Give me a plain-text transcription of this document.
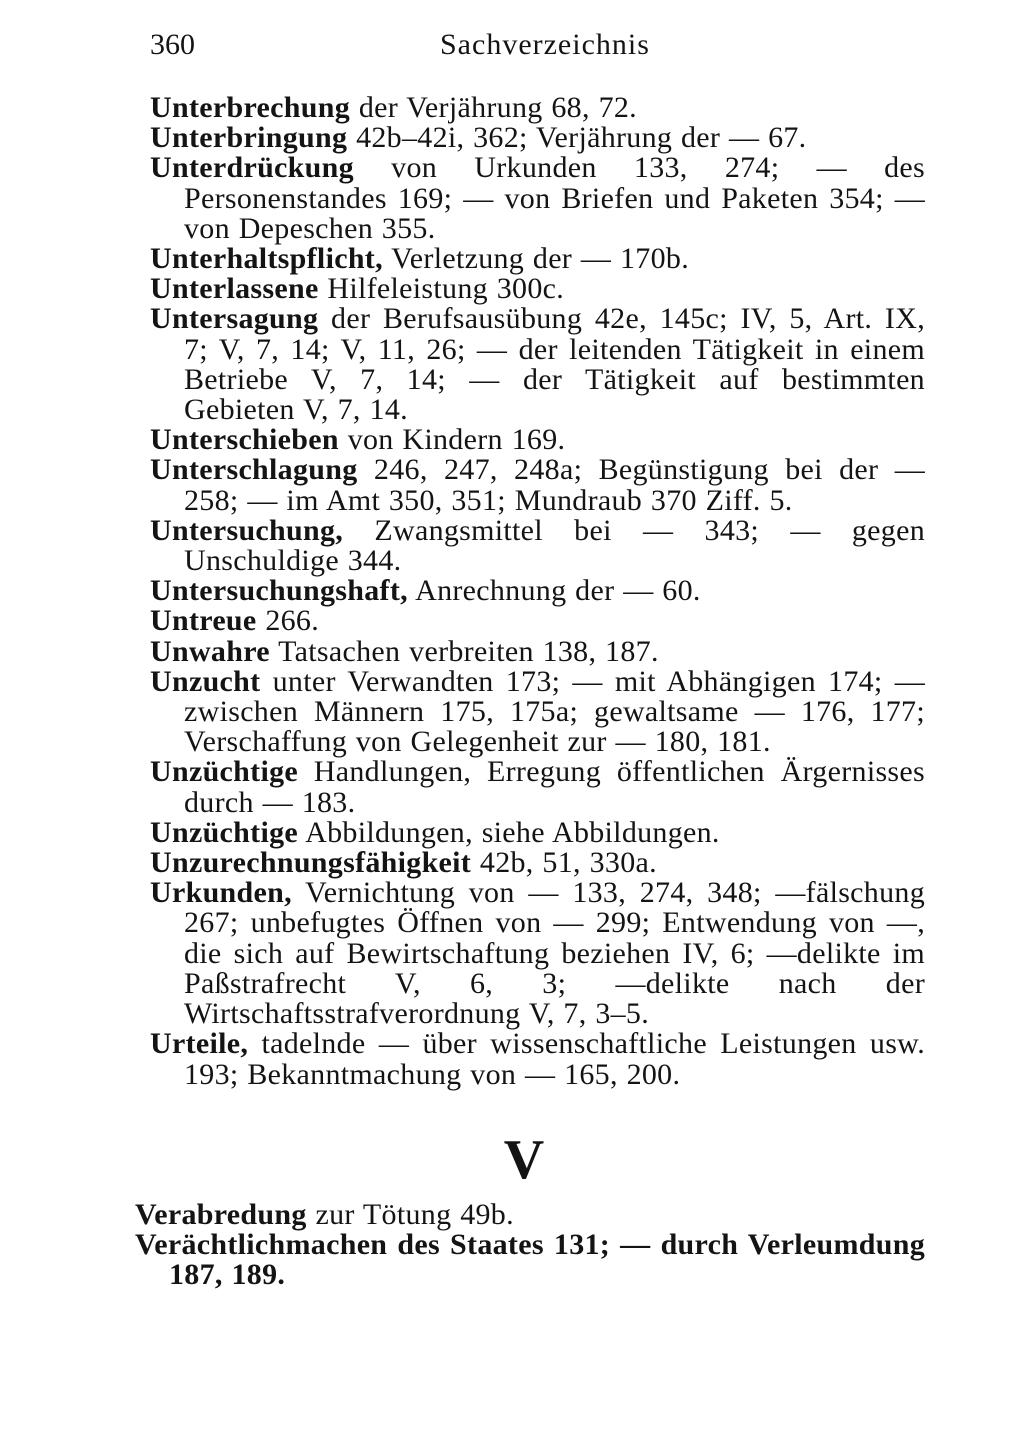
360	Sachverzeichnis

Unterbrechung der Verjährung 68, 72.

Unterbringung 42b–42i, 362; Verjährung der — 67.

Unterdrückung von Urkunden 133, 274; — des Personenstandes 169; — von Briefen und Paketen 354; — von Depeschen 355.

Unterhaltspflicht, Verletzung der — 170b.

Unterlassene Hilfeleistung 300c.

Untersagung der Berufsausübung 42e, 145c; IV, 5, Art. IX, 7; V, 7, 14; V, 11, 26; — der leitenden Tätigkeit in einem Betriebe V, 7, 14; — der Tätigkeit auf bestimmten Gebieten V, 7, 14.

Unterschieben von Kindern 169.

Unterschlagung 246, 247, 248a; Begünstigung bei der — 258; — im Amt 350, 351; Mundraub 370 Ziff. 5.

Untersuchung, Zwangsmittel bei — 343; — gegen Unschuldige 344.

Untersuchungshaft, Anrechnung der — 60.

Untreue 266.

Unwahre Tatsachen verbreiten 138, 187.

Unzucht unter Verwandten 173; — mit Abhängigen 174; — zwischen Männern 175, 175a; gewaltsame — 176, 177; Verschaffung von Gelegenheit zur — 180, 181.

Unzüchtige Handlungen, Erregung öffentlichen Ärgernisses durch — 183.

Unzüchtige Abbildungen, siehe Abbildungen.

Unzurechnungsfähigkeit 42b, 51, 330a.

Urkunden, Vernichtung von — 133, 274, 348; —fälschung 267; unbefugtes Öffnen von — 299; Entwendung von —, die sich auf Bewirtschaftung beziehen IV, 6; —delikte im Paßstrafrecht V, 6, 3; —delikte nach der Wirtschaftsstrafverordnung V, 7, 3–5.

Urteile, tadelnde — über wissenschaftliche Leistungen usw. 193; Bekanntmachung von — 165, 200.

V

Verabredung zur Tötung 49b.

Verächtlichmachen des Staates 131; — durch Verleumdung 187, 189.
